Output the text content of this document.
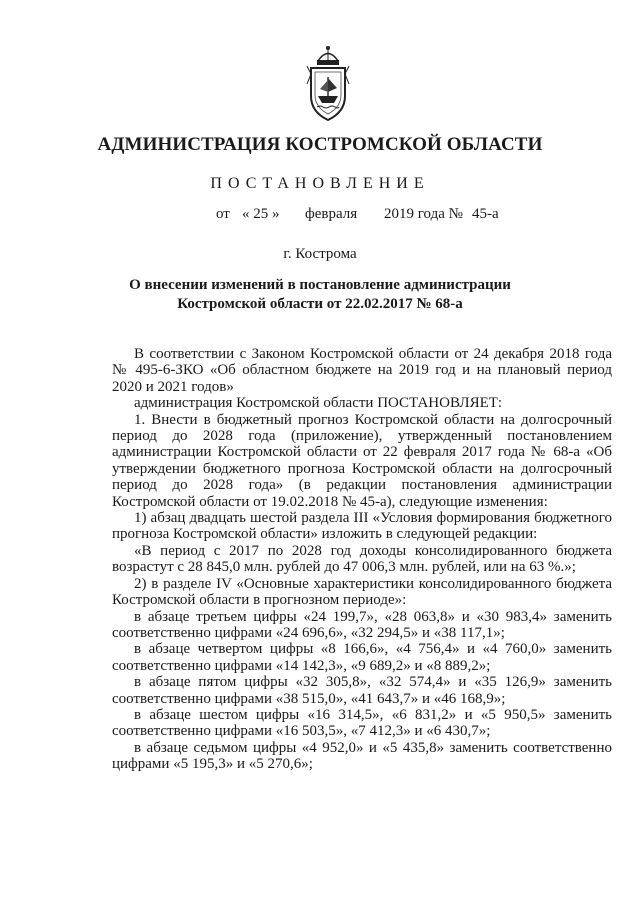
АДМИНИСТРАЦИЯ КОСТРОМСКОЙ ОБЛАСТИ
ПОСТАНОВЛЕНИЕ
от « 25 » февраля 2019 года № 45-а
г. Кострома
О внесении изменений в постановление администрации
Костромской области от 22.02.2017 № 68-а

В соответствии с Законом Костромской области от 24 декабря 2018 года № 495-6-ЗКО «Об областном бюджете на 2019 год и на плановый период 2020 и 2021 годов»

администрация Костромской области ПОСТАНОВЛЯЕТ:

1. Внести в бюджетный прогноз Костромской области на долгосрочный период до 2028 года (приложение), утвержденный постановлением администрации Костромской области от 22 февраля 2017 года № 68-а «Об утверждении бюджетного прогноза Костромской области на долгосрочный период до 2028 года» (в редакции постановления администрации Костромской области от 19.02.2018 № 45-а), следующие изменения:

1) абзац двадцать шестой раздела III «Условия формирования бюджетного прогноза Костромской области» изложить в следующей редакции:

«В период с 2017 по 2028 год доходы консолидированного бюджета возрастут с 28 845,0 млн. рублей до 47 006,3 млн. рублей, или на 63 %.»;

2) в разделе IV «Основные характеристики консолидированного бюджета Костромской области в прогнозном периоде»:

в абзаце третьем цифры «24 199,7», «28 063,8» и «30 983,4» заменить соответственно цифрами «24 696,6», «32 294,5» и «38 117,1»;

в абзаце четвертом цифры «8 166,6», «4 756,4» и «4 760,0» заменить соответственно цифрами «14 142,3», «9 689,2» и «8 889,2»;

в абзаце пятом цифры «32 305,8», «32 574,4» и «35 126,9» заменить соответственно цифрами «38 515,0», «41 643,7» и «46 168,9»;

в абзаце шестом цифры «16 314,5», «6 831,2» и «5 950,5» заменить соответственно цифрами «16 503,5», «7 412,3» и «6 430,7»;

в абзаце седьмом цифры «4 952,0» и «5 435,8» заменить соответственно цифрами «5 195,3» и «5 270,6»;
